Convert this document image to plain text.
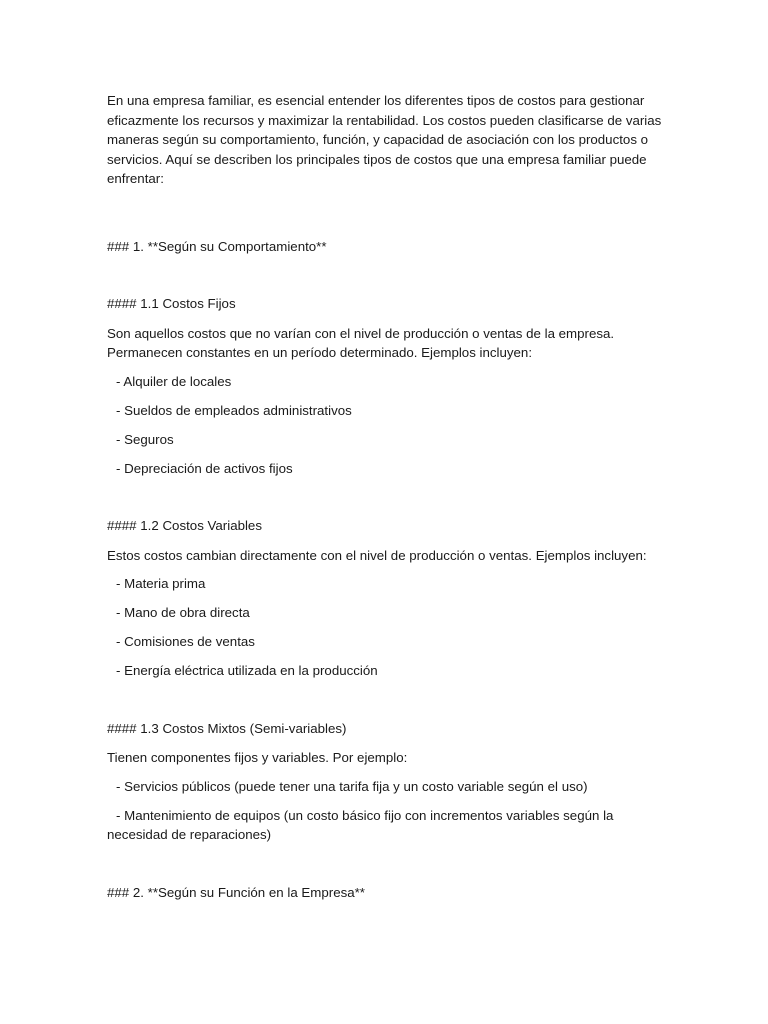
En una empresa familiar, es esencial entender los diferentes tipos de costos para gestionar eficazmente los recursos y maximizar la rentabilidad. Los costos pueden clasificarse de varias maneras según su comportamiento, función, y capacidad de asociación con los productos o servicios. Aquí se describen los principales tipos de costos que una empresa familiar puede enfrentar:

### 1. **Según su Comportamiento**

#### 1.1 Costos Fijos

Son aquellos costos que no varían con el nivel de producción o ventas de la empresa. Permanecen constantes en un período determinado. Ejemplos incluyen:

- Alquiler de locales

- Sueldos de empleados administrativos

- Seguros

- Depreciación de activos fijos

#### 1.2 Costos Variables

Estos costos cambian directamente con el nivel de producción o ventas. Ejemplos incluyen:

- Materia prima

- Mano de obra directa

- Comisiones de ventas

- Energía eléctrica utilizada en la producción

#### 1.3 Costos Mixtos (Semi-variables)

Tienen componentes fijos y variables. Por ejemplo:

- Servicios públicos (puede tener una tarifa fija y un costo variable según el uso)

- Mantenimiento de equipos (un costo básico fijo con incrementos variables según la necesidad de reparaciones)

### 2. **Según su Función en la Empresa**
